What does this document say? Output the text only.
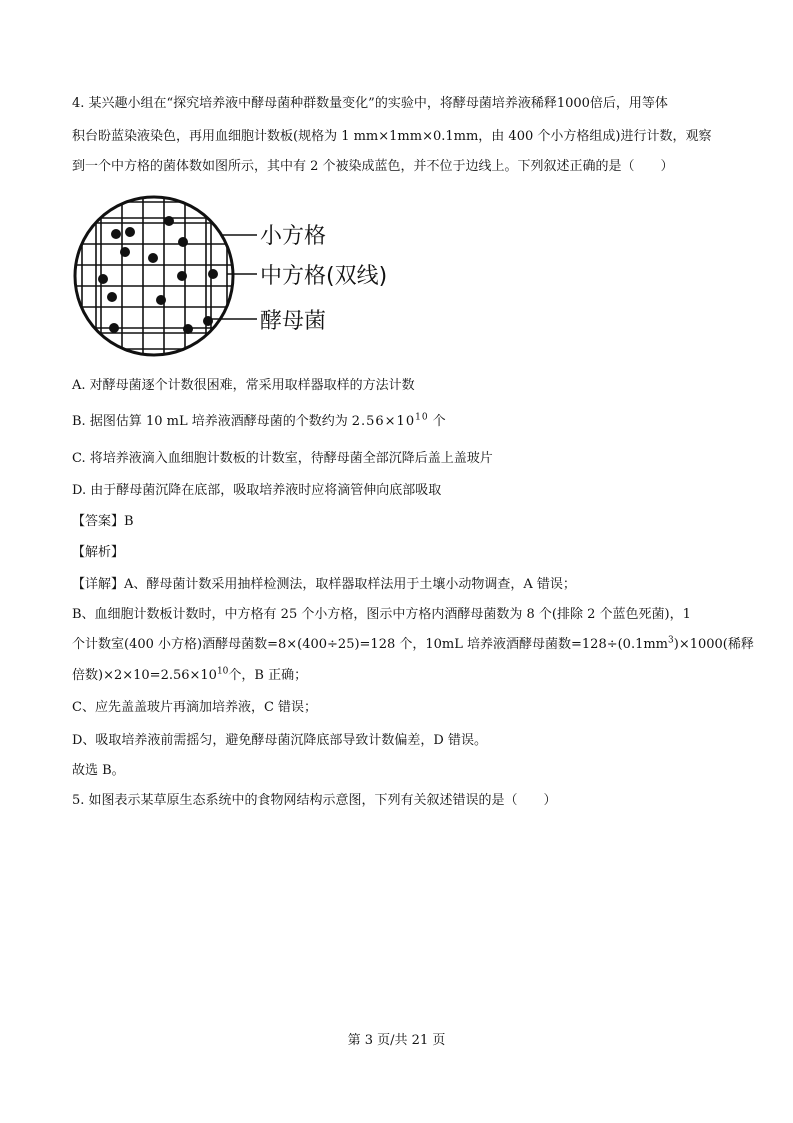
4. 某兴趣小组在“探究培养液中酵母菌种群数量变化”的实验中，将酵母菌培养液稀释1000倍后，用等体
积台盼蓝染液染色，再用血细胞计数板(规格为 1 mm×1mm×0.1mm，由 400 个小方格组成)进行计数，观察
到一个中方格的菌体数如图所示，其中有 2 个被染成蓝色，并不位于边线上。下列叙述正确的是（　　）
小方格
中方格(双线)
酵母菌
A. 对酵母菌逐个计数很困难，常采用取样器取样的方法计数
B. 据图估算 10 mL 培养液酒酵母菌的个数约为 $2.56\times 10^{10}$ 个
C. 将培养液滴入血细胞计数板的计数室，待酵母菌全部沉降后盖上盖玻片
D. 由于酵母菌沉降在底部，吸取培养液时应将滴管伸向底部吸取
【答案】B
【解析】
【详解】A、酵母菌计数采用抽样检测法，取样器取样法用于土壤小动物调查，A 错误；
B、血细胞计数板计数时，中方格有 25 个小方格，图示中方格内酒酵母菌数为 8 个(排除 2 个蓝色死菌)，1
个计数室(400 小方格)酒酵母菌数=8×(400÷25)=128 个，10mL 培养液酒酵母菌数$=128\div(0.1mm^3)\times 1000$(稀释
倍数)$\times 2\times 10=2.56\times 10^{10}$个，B 正确；
C、应先盖盖玻片再滴加培养液，C 错误；
D、吸取培养液前需摇匀，避免酵母菌沉降底部导致计数偏差，D 错误。
故选 B。
5. 如图表示某草原生态系统中的食物网结构示意图，下列有关叙述错误的是（　　）
第 3 页/共 21 页
